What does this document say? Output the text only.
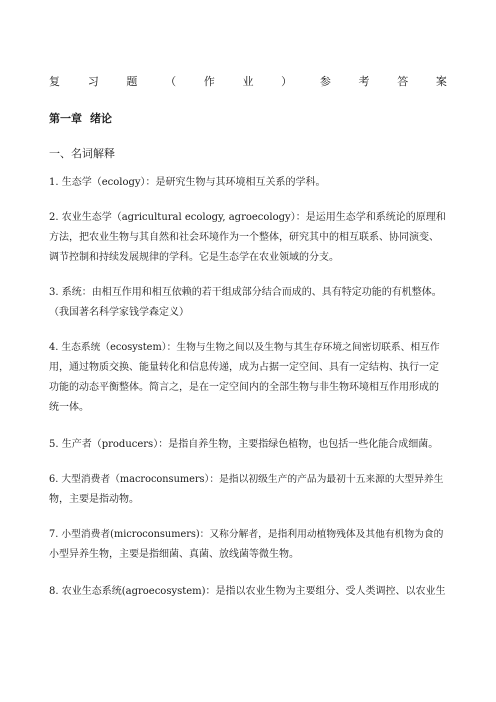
复	习	题	（	作	业	）	参	考	答	案
第一章 绪论
一、名词解释

1. 生态学（ecology）：是研究生物与其环境相互关系的学科。

2. 农业生态学（agricultural ecology, agroecology）：是运用生态学和系统论的原理和

方法，把农业生物与其自然和社会环境作为一个整体，研究其中的相互联系、协同演变、

调节控制和持续发展规律的学科。它是生态学在农业领域的分支。

3. 系统：由相互作用和相互依赖的若干组成部分结合而成的、具有特定功能的有机整体。

（我国著名科学家钱学森定义）

4. 生态系统（ecosystem）：生物与生物之间以及生物与其生存环境之间密切联系、相互作

用，通过物质交换、能量转化和信息传递，成为占据一定空间、具有一定结构、执行一定

功能的动态平衡整体。简言之，是在一定空间内的全部生物与非生物环境相互作用形成的

统一体。

5. 生产者（producers）：是指自养生物，主要指绿色植物，也包括一些化能合成细菌。

6. 大型消费者（macroconsumers）：是指以初级生产的产品为最初十五来源的大型异养生

物，主要是指动物。

7. 小型消费者(microconsumers)：又称分解者，是指利用动植物残体及其他有机物为食的

小型异养生物，主要是指细菌、真菌、放线菌等微生物。

8. 农业生态系统(agroecosystem)：是指以农业生物为主要组分、受人类调控、以农业生
